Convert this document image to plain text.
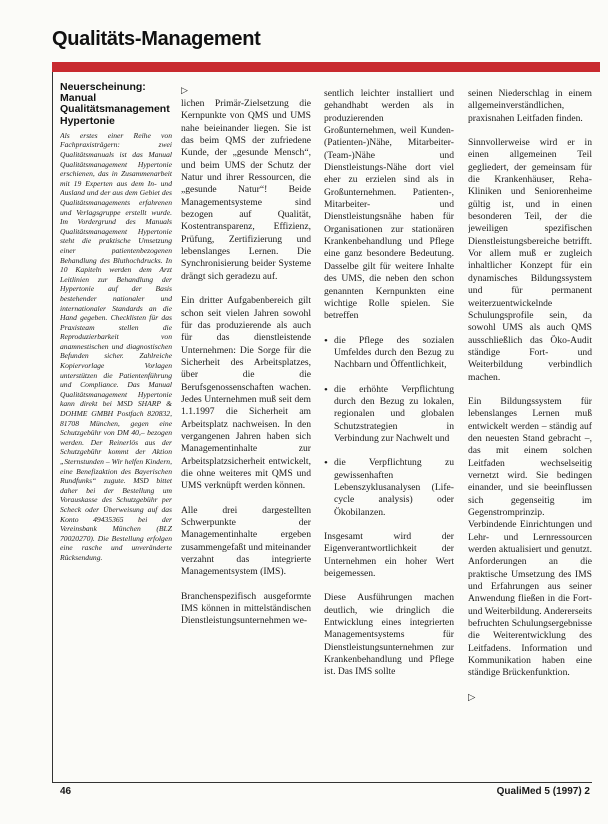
Qualitäts-Management
Neuerscheinung: Manual Qualitätsmanagement Hypertonie

Als erstes einer Reihe von Fachpraxisträgern: zwei Qualitätsmanuals ist das Manual Qualitätsmanagement Hypertonie erschienen, das in Zusammenarbeit mit 19 Experten aus dem In- und Ausland und der aus dem Gebiet des Qualitätsmanagements erfahrenen und Verlagsgruppe erstellt wurde. Im Vordergrund des Manuals Qualitätsmanagement Hypertonie steht die praktische Umsetzung einer patientenbezogenen Behandlung des Bluthochdrucks. In 10 Kapiteln werden dem Arzt Leitlinien zur Behandlung der Hypertonie auf der Basis bestehender nationaler und internationaler Standards an die Hand gegeben. Checklisten für das Praxisteam stellen die Reproduzierbarkeit von anamnestischen und diagnostischen Befunden sicher. Zahlreiche Kopiervorlage Vorlagen unterstützen die Patientenführung und Compliance. Das Manual Qualitätsmanagement Hypertonie kann direkt bei MSD SHARP & DOHME GMBH Postfach 820832, 81708 München, gegen eine Schutzgebühr von DM 40,– bezogen werden. Der Reinerlös aus der Schutzgebühr kommt der Aktion „Sternstunden – Wir helfen Kindern, eine Benefizaktion des Bayerischen Rundfunks“ zugute. MSD bittet daher bei der Bestellung um Vorauskasse des Schutzgebühr per Scheck oder Überweisung auf das Konto 49435365 bei der Vereinsbank München (BLZ 70020270). Die Bestellung erfolgen eine rasche und unveränderte Rücksendung.

▷

lichen Primär-Zielsetzung die Kernpunkte von QMS und UMS nahe beieinander liegen. Sie ist das beim QMS der zufriedene Kunde, der „gesunde Mensch“, und beim UMS der Schutz der Natur und ihrer Ressourcen, die „gesunde Natur“! Beide Managementsysteme sind bezogen auf Qualität, Kostentransparenz, Effizienz, Prüfung, Zertifizierung und lebenslanges Lernen. Die Synchronisierung beider Systeme drängt sich geradezu auf.

Ein dritter Aufgabenbereich gilt schon seit vielen Jahren sowohl für das produzierende als auch für das dienstleistende Unternehmen: Die Sorge für die Sicherheit des Arbeitsplatzes, über die die Berufsgenossenschaften wachen. Jedes Unternehmen muß seit dem 1.1.1997 die Sicherheit am Arbeitsplatz nachweisen. In den vergangenen Jahren haben sich Managementinhalte zur Arbeitsplatzsicherheit entwickelt, die ohne weiteres mit QMS und UMS verknüpft werden können.

Alle drei dargestellten Schwerpunkte der Managementinhalte ergeben zusammengefaßt und miteinander verzahnt das integrierte Managementsystem (IMS).

Branchenspezifisch ausgeformte IMS können in mittelständischen Dienstleistungsunternehmen we-

sentlich leichter installiert und gehandhabt werden als in produzierenden Großunternehmen, weil Kunden-(Patienten-)Nähe, Mitarbeiter- (Team-)Nähe und Dienstleistungs-Nähe dort viel eher zu erzielen sind als in Großunternehmen. Patienten-, Mitarbeiter- und Dienstleistungsnähe haben für Organisationen zur stationären Krankenbehandlung und Pflege eine ganz besondere Bedeutung. Dasselbe gilt für weitere Inhalte des UMS, die neben den schon genannten Kernpunkten eine wichtige Rolle spielen. Sie betreffen

• die Pflege des sozialen Umfeldes durch den Bezug zu Nachbarn und Öffentlichkeit,
• die erhöhte Verpflichtung durch den Bezug zu lokalen, regionalen und globalen Schutzstrategien in Verbindung zur Nachwelt und
• die Verpflichtung zu gewissenhaften Lebenszyklusanalysen (Life-cycle analysis) oder Ökobilanzen.

Insgesamt wird der Eigenverantwortlichkeit der Unternehmen ein hoher Wert beigemessen.

Diese Ausführungen machen deutlich, wie dringlich die Entwicklung eines integrierten Managementsystems für Dienstleistungsunternehmen zur Krankenbehandlung und Pflege ist. Das IMS sollte

seinen Niederschlag in einem allgemeinverständlichen, praxisnahen Leitfaden finden.

Sinnvollerweise wird er in einen allgemeinen Teil gegliedert, der gemeinsam für die Krankenhäuser, Reha-Kliniken und Seniorenheime gültig ist, und in einen besonderen Teil, der die jeweiligen spezifischen Dienstleistungsbereiche betrifft. Vor allem muß er zugleich inhaltlicher Konzept für ein dynamisches Bildungssystem und für permanent weiterzuentwickelnde Schulungsprofile sein, da sowohl UMS als auch QMS ausschließlich das Öko-Audit ständige Fort- und Weiterbildung verbindlich machen.

Ein Bildungssystem für lebenslanges Lernen muß entwickelt werden – ständig auf den neuesten Stand gebracht –, das mit einem solchen Leitfaden wechselseitig vernetzt wird. Sie bedingen einander, und sie beeinflussen sich gegenseitig im Gegenstromprinzip. Verbindende Einrichtungen und Lehr- und Lernressourcen werden aktualisiert und genutzt. Anforderungen an die praktische Umsetzung des IMS und Erfahrungen aus seiner Anwendung fließen in die Fort- und Weiterbildung. Andererseits befruchten Schulungsergebnisse die Weiterentwicklung des Leitfadens. Information und Kommunikation haben eine ständige Brückenfunktion.

▷
46	QualiMed 5 (1997) 2
